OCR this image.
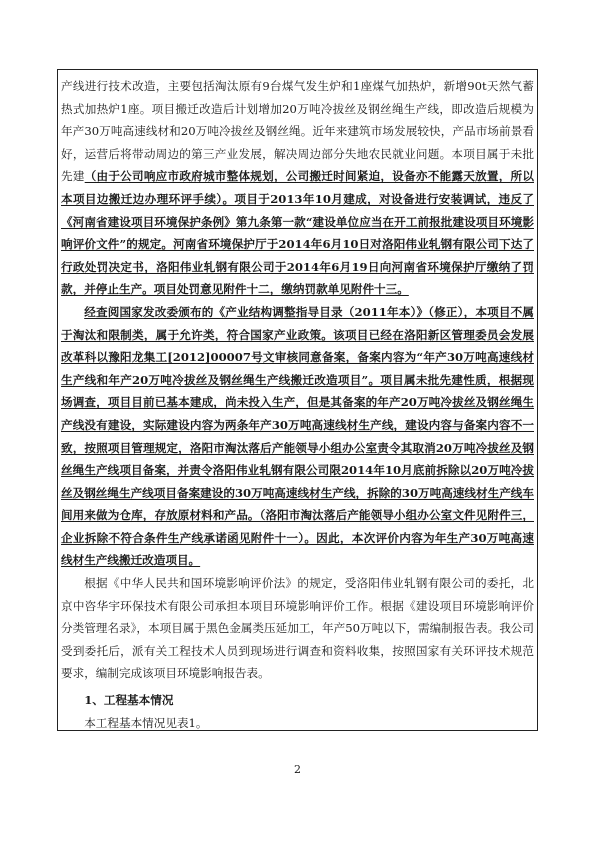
产线进行技术改造，主要包括淘汰原有9台煤气发生炉和1座煤气加热炉，新增90t天然气蓄热式加热炉1座。项目搬迁改造后计划增加20万吨冷拔丝及钢丝绳生产线，即改造后规模为年产30万吨高速线材和20万吨冷拔丝及钢丝绳。近年来建筑市场发展较快，产品市场前景看好，运营后将带动周边的第三产业发展，解决周边部分失地农民就业问题。本项目属于未批先建（由于公司响应市政府城市整体规划，公司搬迁时间紧迫，设备亦不能露天放置，所以本项目边搬迁边办理环评手续）。项目于2013年10月建成，对设备进行安装调试，违反了《河南省建设项目环境保护条例》第九条第一款“建设单位应当在开工前报批建设项目环境影响评价文件”的规定。河南省环境保护厅于2014年6月10日对洛阳伟业轧钢有限公司下达了行政处罚决定书，洛阳伟业轧钢有限公司于2014年6月19日向河南省环境保护厅缴纳了罚款，并停止生产。项目处罚意见附件十二，缴纳罚款单见附件十三。

经查阅国家发改委颁布的《产业结构调整指导目录（2011年本）》（修正），本项目不属于淘汰和限制类，属于允许类，符合国家产业政策。该项目已经在洛阳新区管理委员会发展改革科以豫阳龙集工[2012]00007号文审核同意备案，备案内容为“年产30万吨高速线材生产线和年产20万吨冷拔丝及钢丝绳生产线搬迁改造项目”。项目属未批先建性质，根据现场调查，项目目前已基本建成，尚未投入生产，但是其备案的年产20万吨冷拔丝及钢丝绳生产线没有建设，实际建设内容为两条年产30万吨高速线材生产线，建设内容与备案内容不一致，按照项目管理规定，洛阳市淘汰落后产能领导小组办公室责令其取消20万吨冷拔丝及钢丝绳生产线项目备案，并责令洛阳伟业轧钢有限公司限2014年10月底前拆除以20万吨冷拔丝及钢丝绳生产线项目备案建设的30万吨高速线材生产线，拆除的30万吨高速线材生产线车间用来做为仓库，存放原材料和产品。（洛阳市淘汰落后产能领导小组办公室文件见附件三，企业拆除不符合条件生产线承诺函见附件十一）。因此，本次评价内容为年生产30万吨高速线材生产线搬迁改造项目。

根据《中华人民共和国环境影响评价法》的规定，受洛阳伟业轧钢有限公司的委托，北京中咨华宇环保技术有限公司承担本项目环境影响评价工作。根据《建设项目环境影响评价分类管理名录》，本项目属于黑色金属类压延加工，年产50万吨以下，需编制报告表。我公司受到委托后，派有关工程技术人员到现场进行调查和资料收集，按照国家有关环评技术规范要求，编制完成该项目环境影响报告表。

1、工程基本情况

本工程基本情况见表1。

2
